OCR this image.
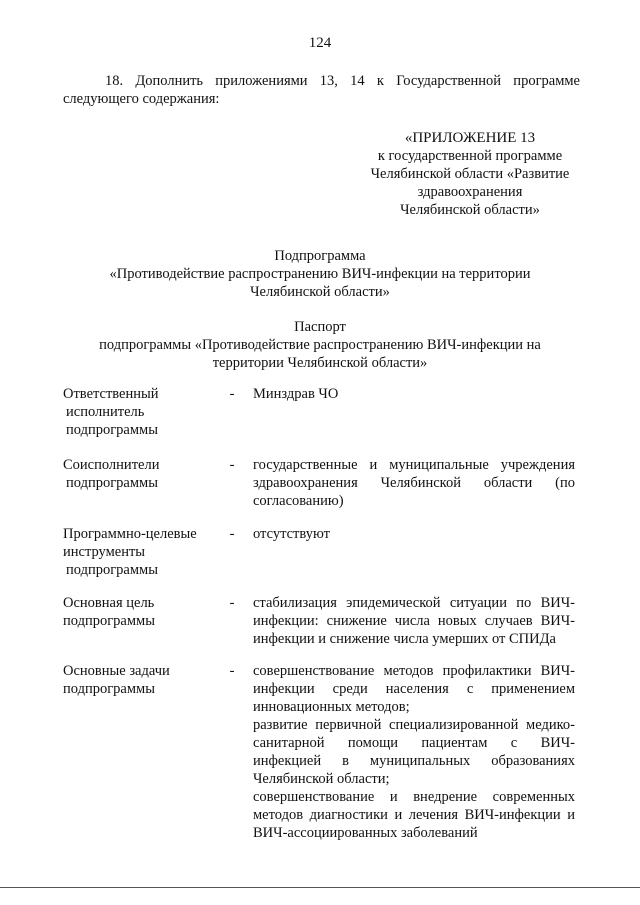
124
18. Дополнить приложениями 13, 14 к Государственной программе следующего содержания:
«ПРИЛОЖЕНИЕ 13
к государственной программе
Челябинской области «Развитие
здравоохранения
Челябинской области»
Подпрограмма
«Противодействие распространению ВИЧ-инфекции на территории
Челябинской области»
Паспорт
подпрограммы «Противодействие распространению ВИЧ-инфекции на
территории Челябинской области»
Ответственный
исполнитель
подпрограммы
- Минздрав ЧО
Соисполнители
подпрограммы
- государственные и муниципальные учреждения
здравоохранения Челябинской области (по
согласованию)
Программно-целевые
инструменты
подпрограммы
- отсутствуют
Основная цель
подпрограммы
- стабилизация эпидемической ситуации по ВИЧ-
инфекции: снижение числа новых случаев ВИЧ-
инфекции и снижение числа умерших от СПИДа
Основные задачи
подпрограммы
- совершенствование методов профилактики ВИЧ-
инфекции среди населения с применением
инновационных методов;
развитие первичной специализированной медико-
санитарной помощи пациентам с ВИЧ-
инфекцией в муниципальных образованиях
Челябинской области;
совершенствование и внедрение современных
методов диагностики и лечения ВИЧ-инфекции и
ВИЧ-ассоциированных заболеваний
